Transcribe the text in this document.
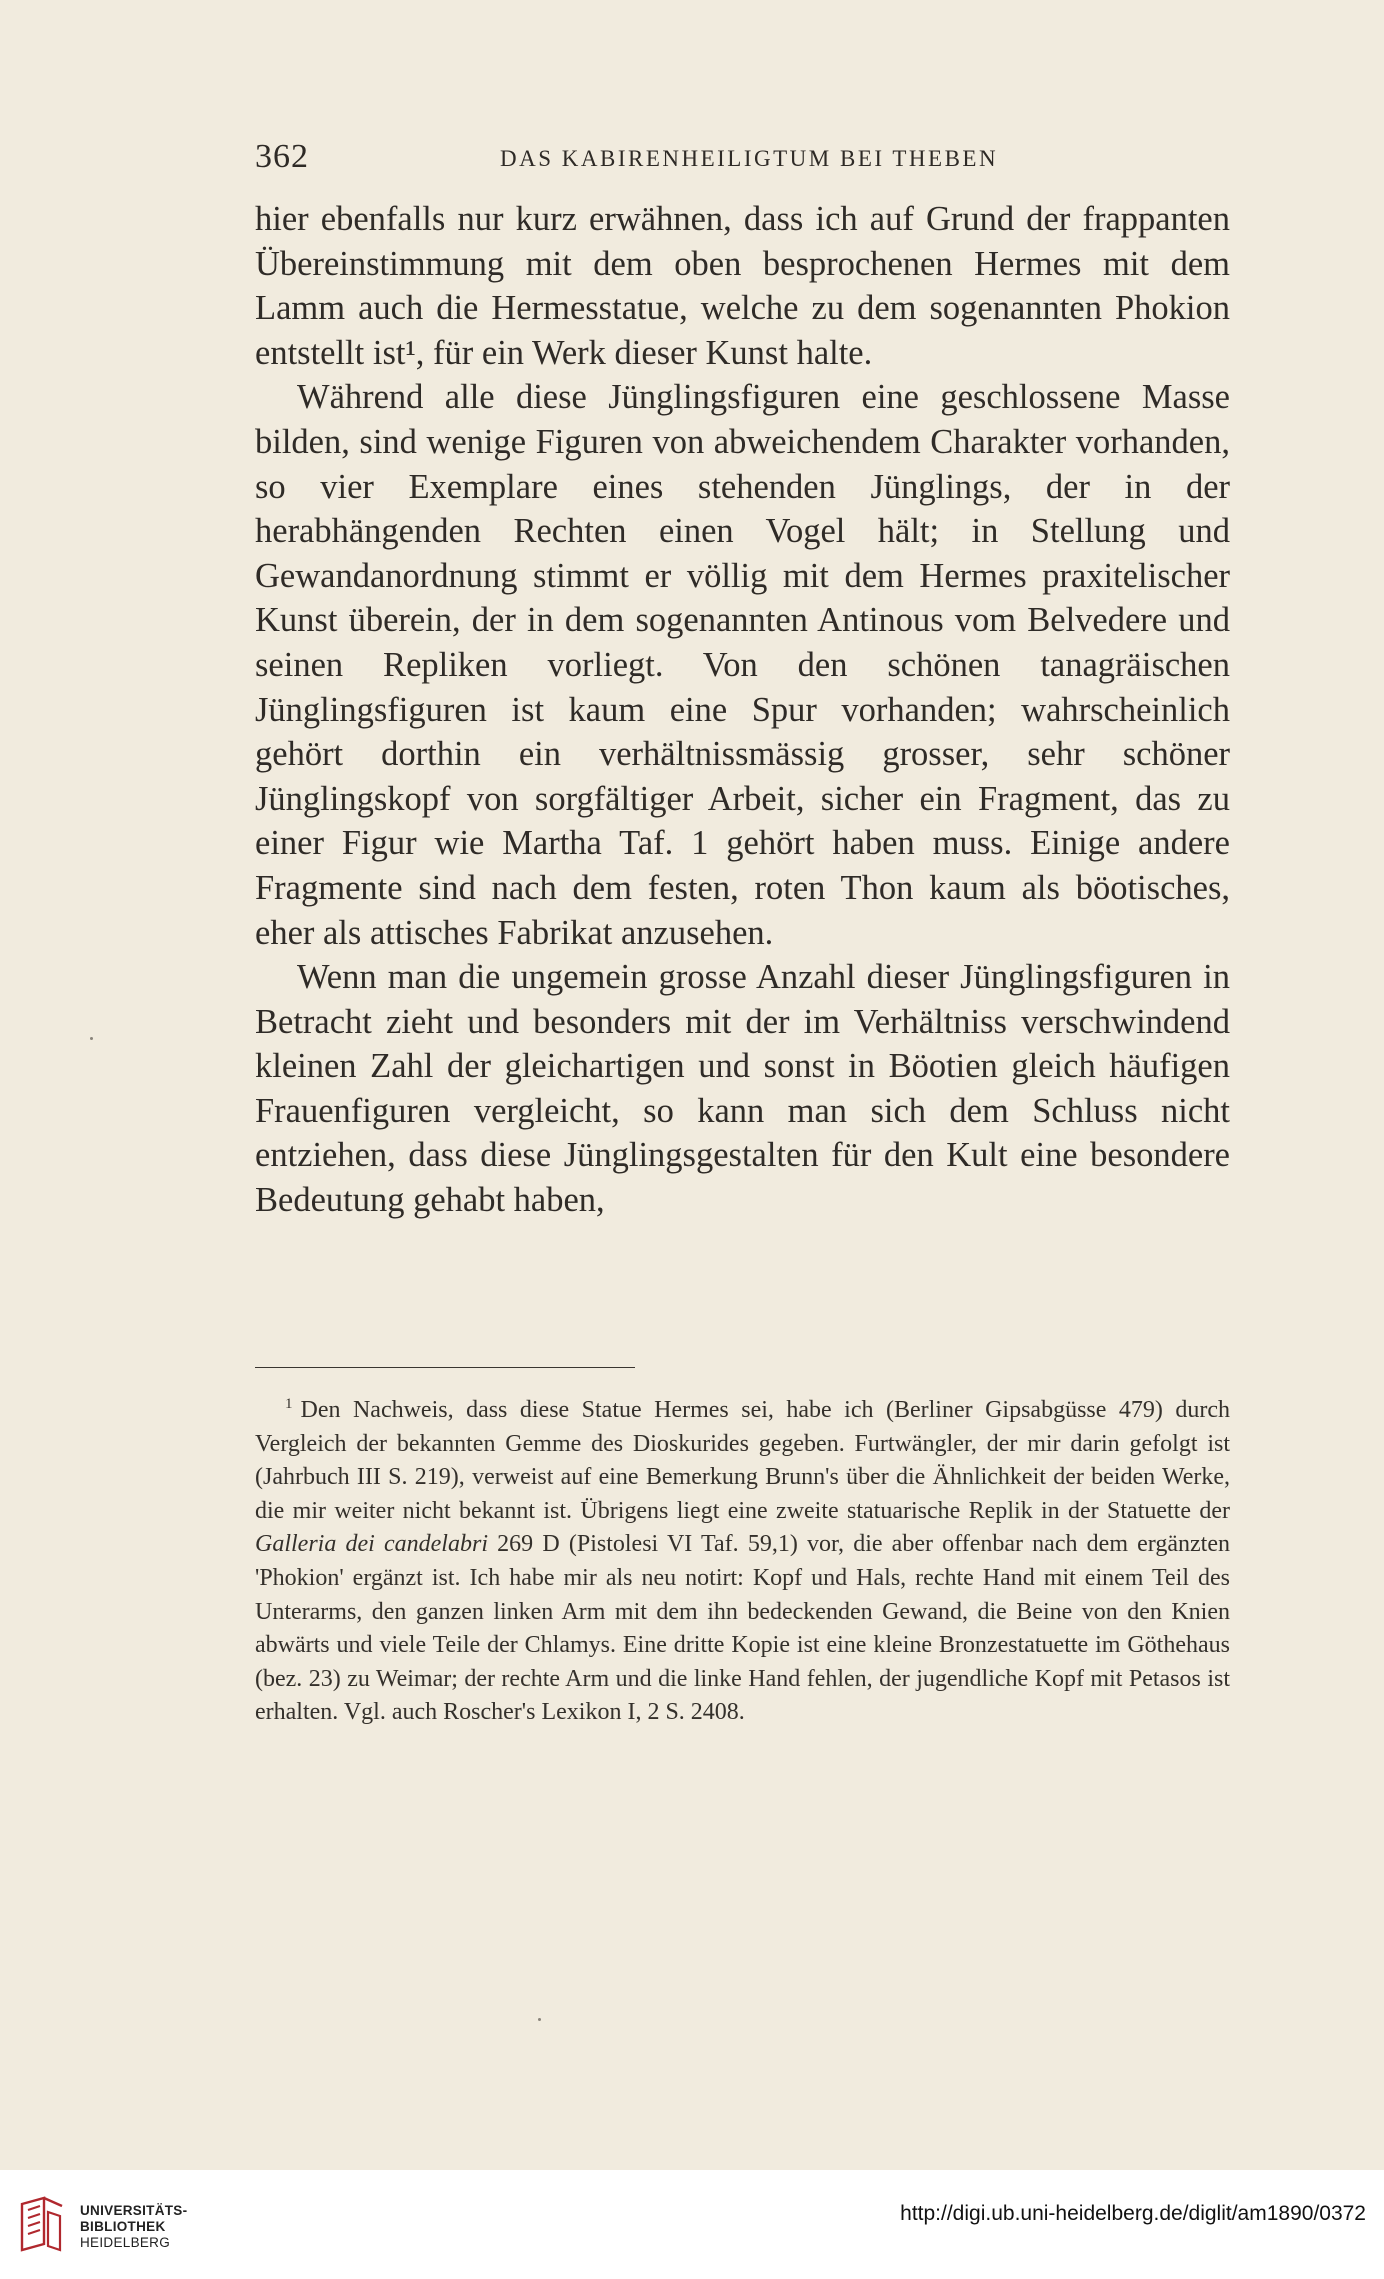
362	DAS KABIRENHEILIGTUM BEI THEBEN

hier ebenfalls nur kurz erwähnen, dass ich auf Grund der frappanten Übereinstimmung mit dem oben besprochenen Hermes mit dem Lamm auch die Hermesstatue, welche zu dem sogenannten Phokion entstellt ist¹, für ein Werk dieser Kunst halte.

Während alle diese Jünglingsfiguren eine geschlossene Masse bilden, sind wenige Figuren von abweichendem Charakter vorhanden, so vier Exemplare eines stehenden Jünglings, der in der herabhängenden Rechten einen Vogel hält; in Stellung und Gewandanordnung stimmt er völlig mit dem Hermes praxitelischer Kunst überein, der in dem sogenannten Antinous vom Belvedere und seinen Repliken vorliegt. Von den schönen tanagräischen Jünglingsfiguren ist kaum eine Spur vorhanden; wahrscheinlich gehört dorthin ein verhältnissmässig grosser, sehr schöner Jünglingskopf von sorgfältiger Arbeit, sicher ein Fragment, das zu einer Figur wie Martha Taf. 1 gehört haben muss. Einige andere Fragmente sind nach dem festen, roten Thon kaum als böotisches, eher als attisches Fabrikat anzusehen.

Wenn man die ungemein grosse Anzahl dieser Jünglingsfiguren in Betracht zieht und besonders mit der im Verhältniss verschwindend kleinen Zahl der gleichartigen und sonst in Böotien gleich häufigen Frauenfiguren vergleicht, so kann man sich dem Schluss nicht entziehen, dass diese Jünglingsgestalten für den Kult eine besondere Bedeutung gehabt haben,

$^1$ Den Nachweis, dass diese Statue Hermes sei, habe ich (Berliner Gipsabgüsse 479) durch Vergleich der bekannten Gemme des Dioskurides gegeben. Furtwängler, der mir darin gefolgt ist (Jahrbuch III S. 219), verweist auf eine Bemerkung Brunn's über die Ähnlichkeit der beiden Werke, die mir weiter nicht bekannt ist. Übrigens liegt eine zweite statuarische Replik in der Statuette der Galleria dei candelabri 269 D (Pistolesi VI Taf. 59,1) vor, die aber offenbar nach dem ergänzten 'Phokion' ergänzt ist. Ich habe mir als neu notirt: Kopf und Hals, rechte Hand mit einem Teil des Unterarms, den ganzen linken Arm mit dem ihn bedeckenden Gewand, die Beine von den Knien abwärts und viele Teile der Chlamys. Eine dritte Kopie ist eine kleine Bronzestatuette im Göthehaus (bez. 23) zu Weimar; der rechte Arm und die linke Hand fehlen, der jugendliche Kopf mit Petasos ist erhalten. Vgl. auch Roscher's Lexikon I, 2 S. 2408.
UNIVERSITÄTS-
BIBLIOTHEK
HEIDELBERG
http://digi.ub.uni-heidelberg.de/diglit/am1890/0372
